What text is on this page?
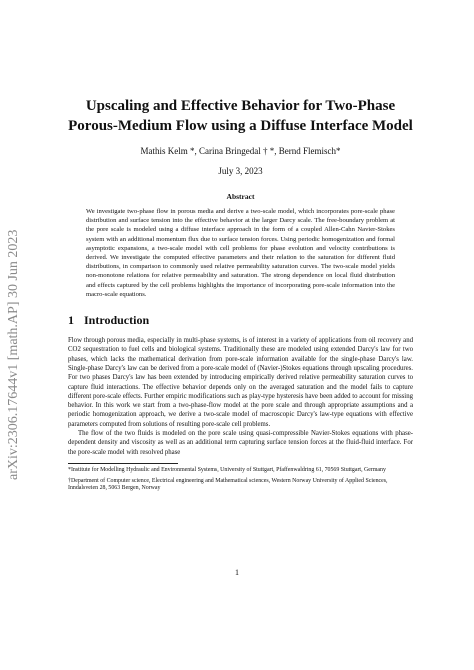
arXiv:2306.17644v1 [math.AP] 30 Jun 2023
Upscaling and Effective Behavior for Two-Phase
Porous-Medium Flow using a Diffuse Interface Model
Mathis Kelm *, Carina Bringedal † *, Bernd Flemisch*
July 3, 2023
Abstract
We investigate two-phase flow in porous media and derive a two-scale model, which incorporates pore-scale phase distribution and surface tension into the effective behavior at the larger Darcy scale. The free-boundary problem at the pore scale is modeled using a diffuse interface approach in the form of a coupled Allen-Cahn Navier-Stokes system with an additional momentum flux due to surface tension forces. Using periodic homogenization and formal asymptotic expansions, a two-scale model with cell problems for phase evolution and velocity contributions is derived. We investigate the computed effective parameters and their relation to the saturation for different fluid distributions, in comparison to commonly used relative permeability saturation curves. The two-scale model yields non-monotone relations for relative permeability and saturation. The strong dependence on local fluid distribution and effects captured by the cell problems highlights the importance of incorporating pore-scale information into the macro-scale equations.
1 Introduction
Flow through porous media, especially in multi-phase systems, is of interest in a variety of applications from oil recovery and CO2 sequestration to fuel cells and biological systems. Traditionally these are modeled using extended Darcy's law for two phases, which lacks the mathematical derivation from pore-scale information available for the single-phase Darcy's law. Single-phase Darcy's law can be derived from a pore-scale model of (Navier-)Stokes equations through upscaling procedures. For two phases Darcy's law has been extended by introducing empirically derived relative permeability saturation curves to capture fluid interactions. The effective behavior depends only on the averaged saturation and the model fails to capture different pore-scale effects. Further empiric modifications such as play-type hysteresis have been added to account for missing behavior. In this work we start from a two-phase-flow model at the pore scale and through appropriate assumptions and a periodic homogenization approach, we derive a two-scale model of macroscopic Darcy's law-type equations with effective parameters computed from solutions of resulting pore-scale cell problems.
The flow of the two fluids is modeled on the pore scale using quasi-compressible Navier-Stokes equations with phase-dependent density and viscosity as well as an additional term capturing surface tension forces at the fluid-fluid interface. For the pore-scale model with resolved phase
*Institute for Modelling Hydraulic and Environmental Systems, University of Stuttgart, Pfaffenwaldring 61, 70569 Stuttgart, Germany
†Department of Computer science, Electrical engineering and Mathematical sciences, Western Norway University of Applied Sciences, Inndalsveien 28, 5063 Bergen, Norway
1
